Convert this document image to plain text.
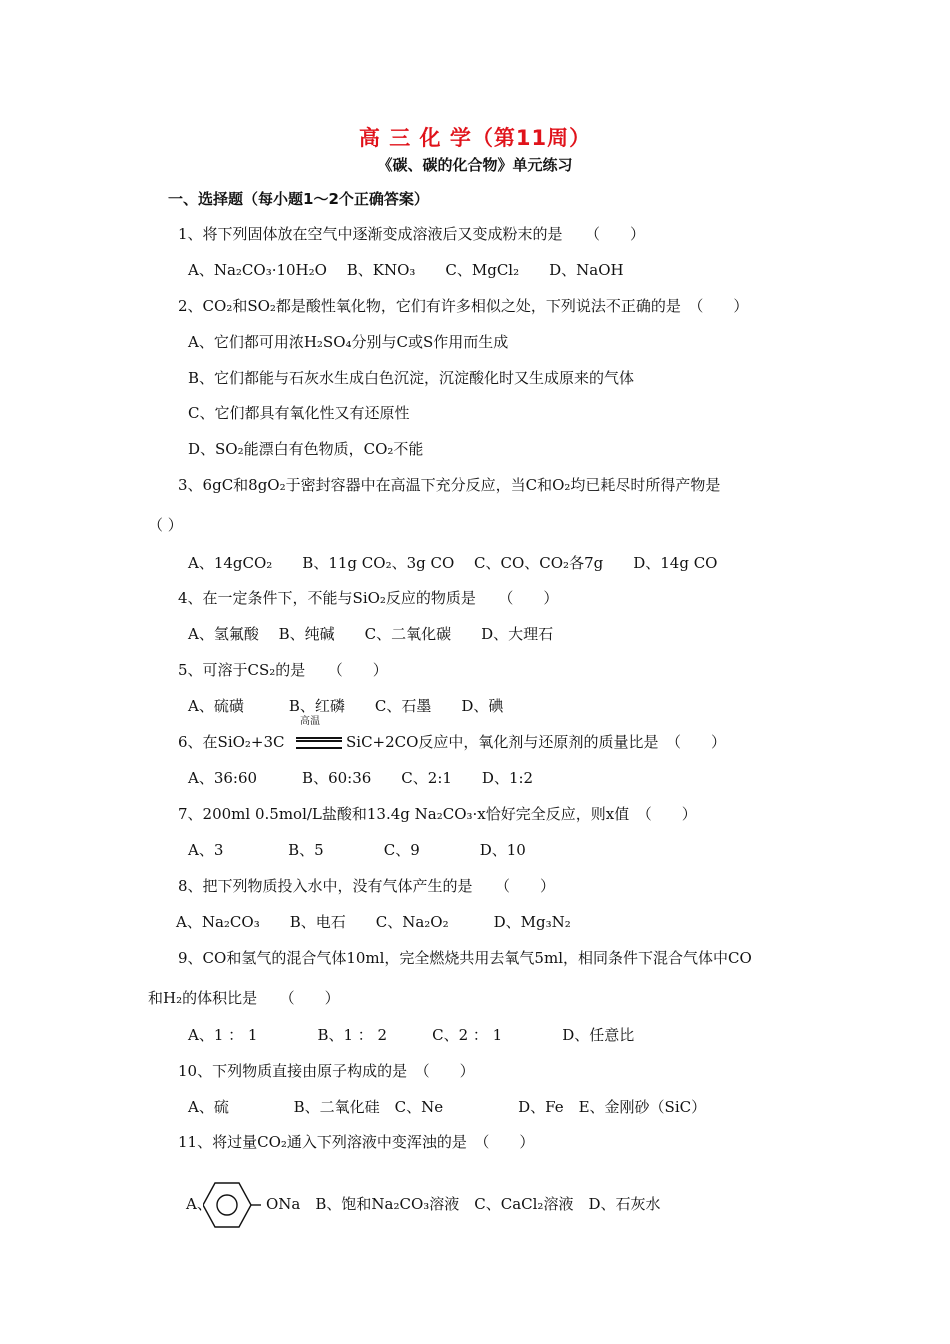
高 三 化 学（第11周）
《碳、碳的化合物》单元练习
一、选择题（每小题1～2个正确答案）
1、将下列固体放在空气中逐渐变成溶液后又变成粉末的是　　（　　）
A、Na₂CO₃·10H₂O　 B、KNO₃　　C、MgCl₂　　D、NaOH
2、CO₂和SO₂都是酸性氧化物，它们有许多相似之处，下列说法不正确的是　（　　）
A、它们都可用浓H₂SO₄分别与C或S作用而生成
B、它们都能与石灰水生成白色沉淀，沉淀酸化时又生成原来的气体
C、它们都具有氧化性又有还原性
D、SO₂能漂白有色物质，CO₂不能
3、6gC和8gO₂于密封容器中在高温下充分反应，当C和O₂均已耗尽时所得产物是
（ ）
A、14gCO₂　　B、11g CO₂、3g CO　 C、CO、CO₂各7g　　D、14g CO
4、在一定条件下，不能与SiO₂反应的物质是　　（　　）
A、氢氟酸　 B、纯碱　　C、二氧化碳　　D、大理石
5、可溶于CS₂的是　　（　　）
A、硫磺　　　B、红磷　　C、石墨　　D、碘
高温
6、在SiO₂+3C	SiC+2CO反应中，氧化剂与还原剂的质量比是　（　　）
A、36:60　　　B、60:36　　C、2:1　　D、1:2
7、200ml 0.5mol/L盐酸和13.4g Na₂CO₃·x恰好完全反应，则x值　（　　）
A、3　　　　 B、5　　　　C、9　　　　D、10
8、把下列物质投入水中，没有气体产生的是　　（　　）
A、Na₂CO₃　　B、电石　　C、Na₂O₂　　　D、Mg₃N₂
9、CO和氢气的混合气体10ml，完全燃烧共用去氧气5ml，相同条件下混合气体中CO
和H₂的体积比是　　（　　）
A、1 ： 1　　　　B、1 ： 2　　　C、2 ： 1　　　　D、任意比
10、下列物质直接由原子构成的是　（　　）
A、硫　　　　 B、二氧化硅　C、Ne　　　　　D、Fe　E、金刚砂（SiC）
11、将过量CO₂通入下列溶液中变浑浊的是　（　　）
A、	ONa　B、饱和Na₂CO₃溶液　C、CaCl₂溶液　D、石灰水
